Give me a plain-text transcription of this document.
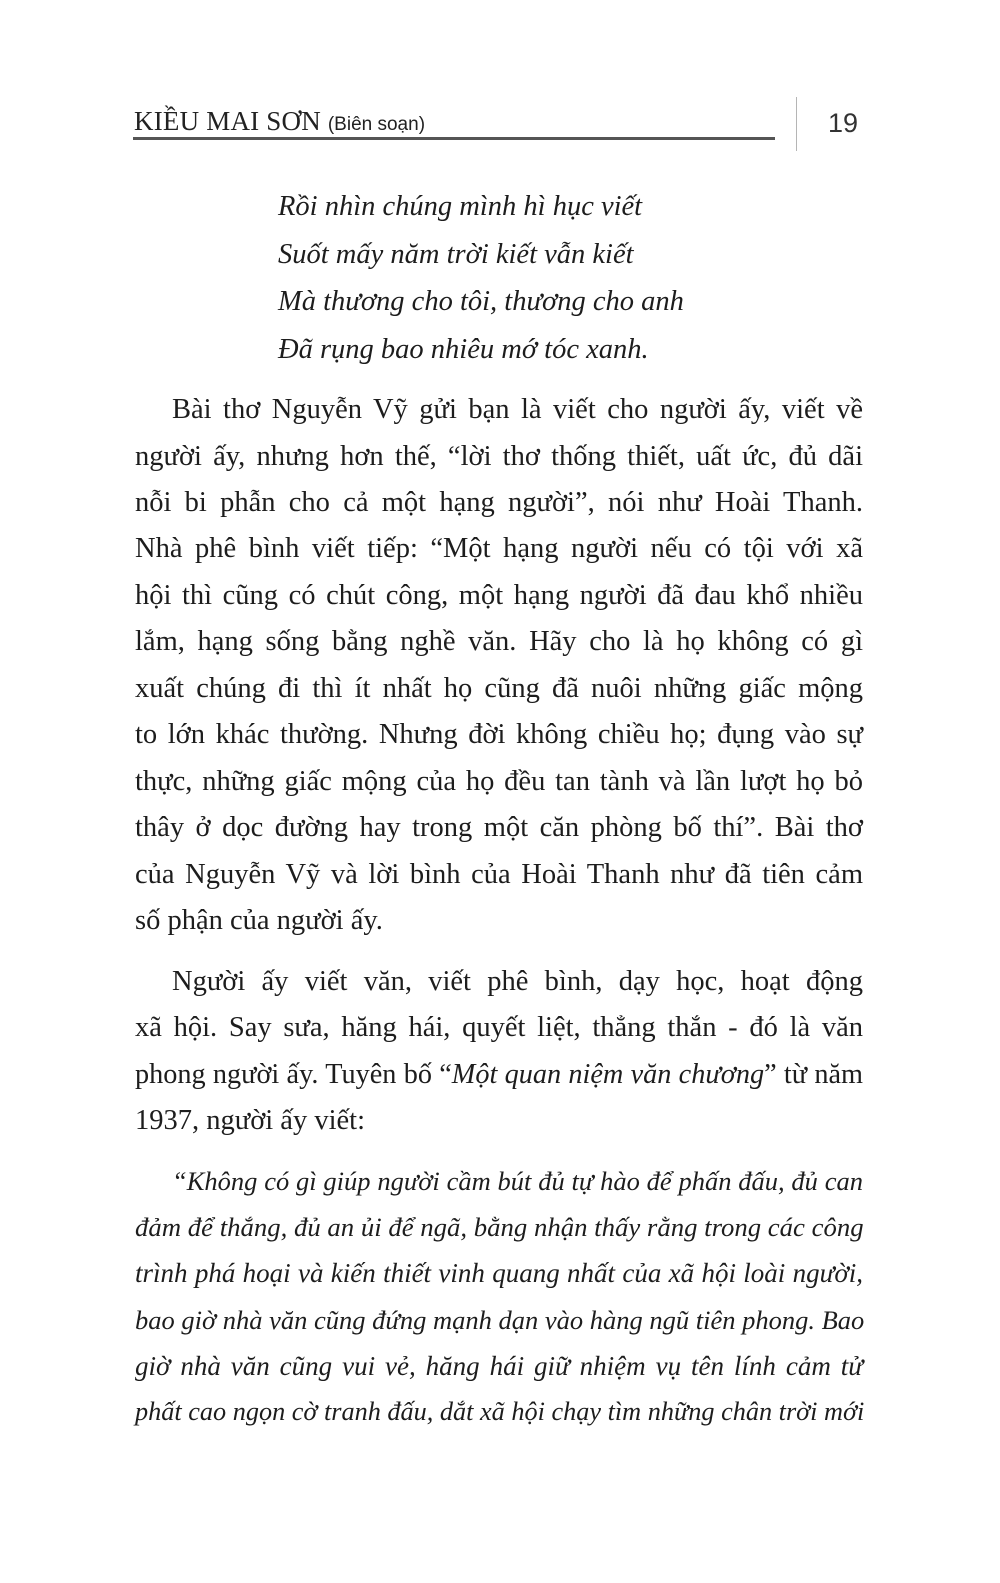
KIỀU MAI SƠN (Biên soạn)	19
Rồi nhìn chúng mình hì hục viết
Suốt mấy năm trời kiết vẫn kiết
Mà thương cho tôi, thương cho anh
Đã rụng bao nhiêu mớ tóc xanh.
Bài thơ Nguyễn Vỹ gửi bạn là viết cho người ấy, viết về
người ấy, nhưng hơn thế, “lời thơ thống thiết, uất ức, đủ dãi
nỗi bi phẫn cho cả một hạng người”, nói như Hoài Thanh.
Nhà phê bình viết tiếp: “Một hạng người nếu có tội với xã
hội thì cũng có chút công, một hạng người đã đau khổ nhiều
lắm, hạng sống bằng nghề văn. Hãy cho là họ không có gì
xuất chúng đi thì ít nhất họ cũng đã nuôi những giấc mộng
to lớn khác thường. Nhưng đời không chiều họ; đụng vào sự
thực, những giấc mộng của họ đều tan tành và lần lượt họ bỏ
thây ở dọc đường hay trong một căn phòng bố thí”. Bài thơ
của Nguyễn Vỹ và lời bình của Hoài Thanh như đã tiên cảm
số phận của người ấy.
Người ấy viết văn, viết phê bình, dạy học, hoạt động
xã hội. Say sưa, hăng hái, quyết liệt, thẳng thắn - đó là văn
phong người ấy. Tuyên bố “Một quan niệm văn chương” từ năm
1937, người ấy viết:
“Không có gì giúp người cầm bút đủ tự hào để phấn đấu, đủ can
đảm để thắng, đủ an ủi để ngã, bằng nhận thấy rằng trong các công
trình phá hoại và kiến thiết vinh quang nhất của xã hội loài người,
bao giờ nhà văn cũng đứng mạnh dạn vào hàng ngũ tiên phong. Bao
giờ nhà văn cũng vui vẻ, hăng hái giữ nhiệm vụ tên lính cảm tử
phất cao ngọn cờ tranh đấu, dắt xã hội chạy tìm những chân trời mới
